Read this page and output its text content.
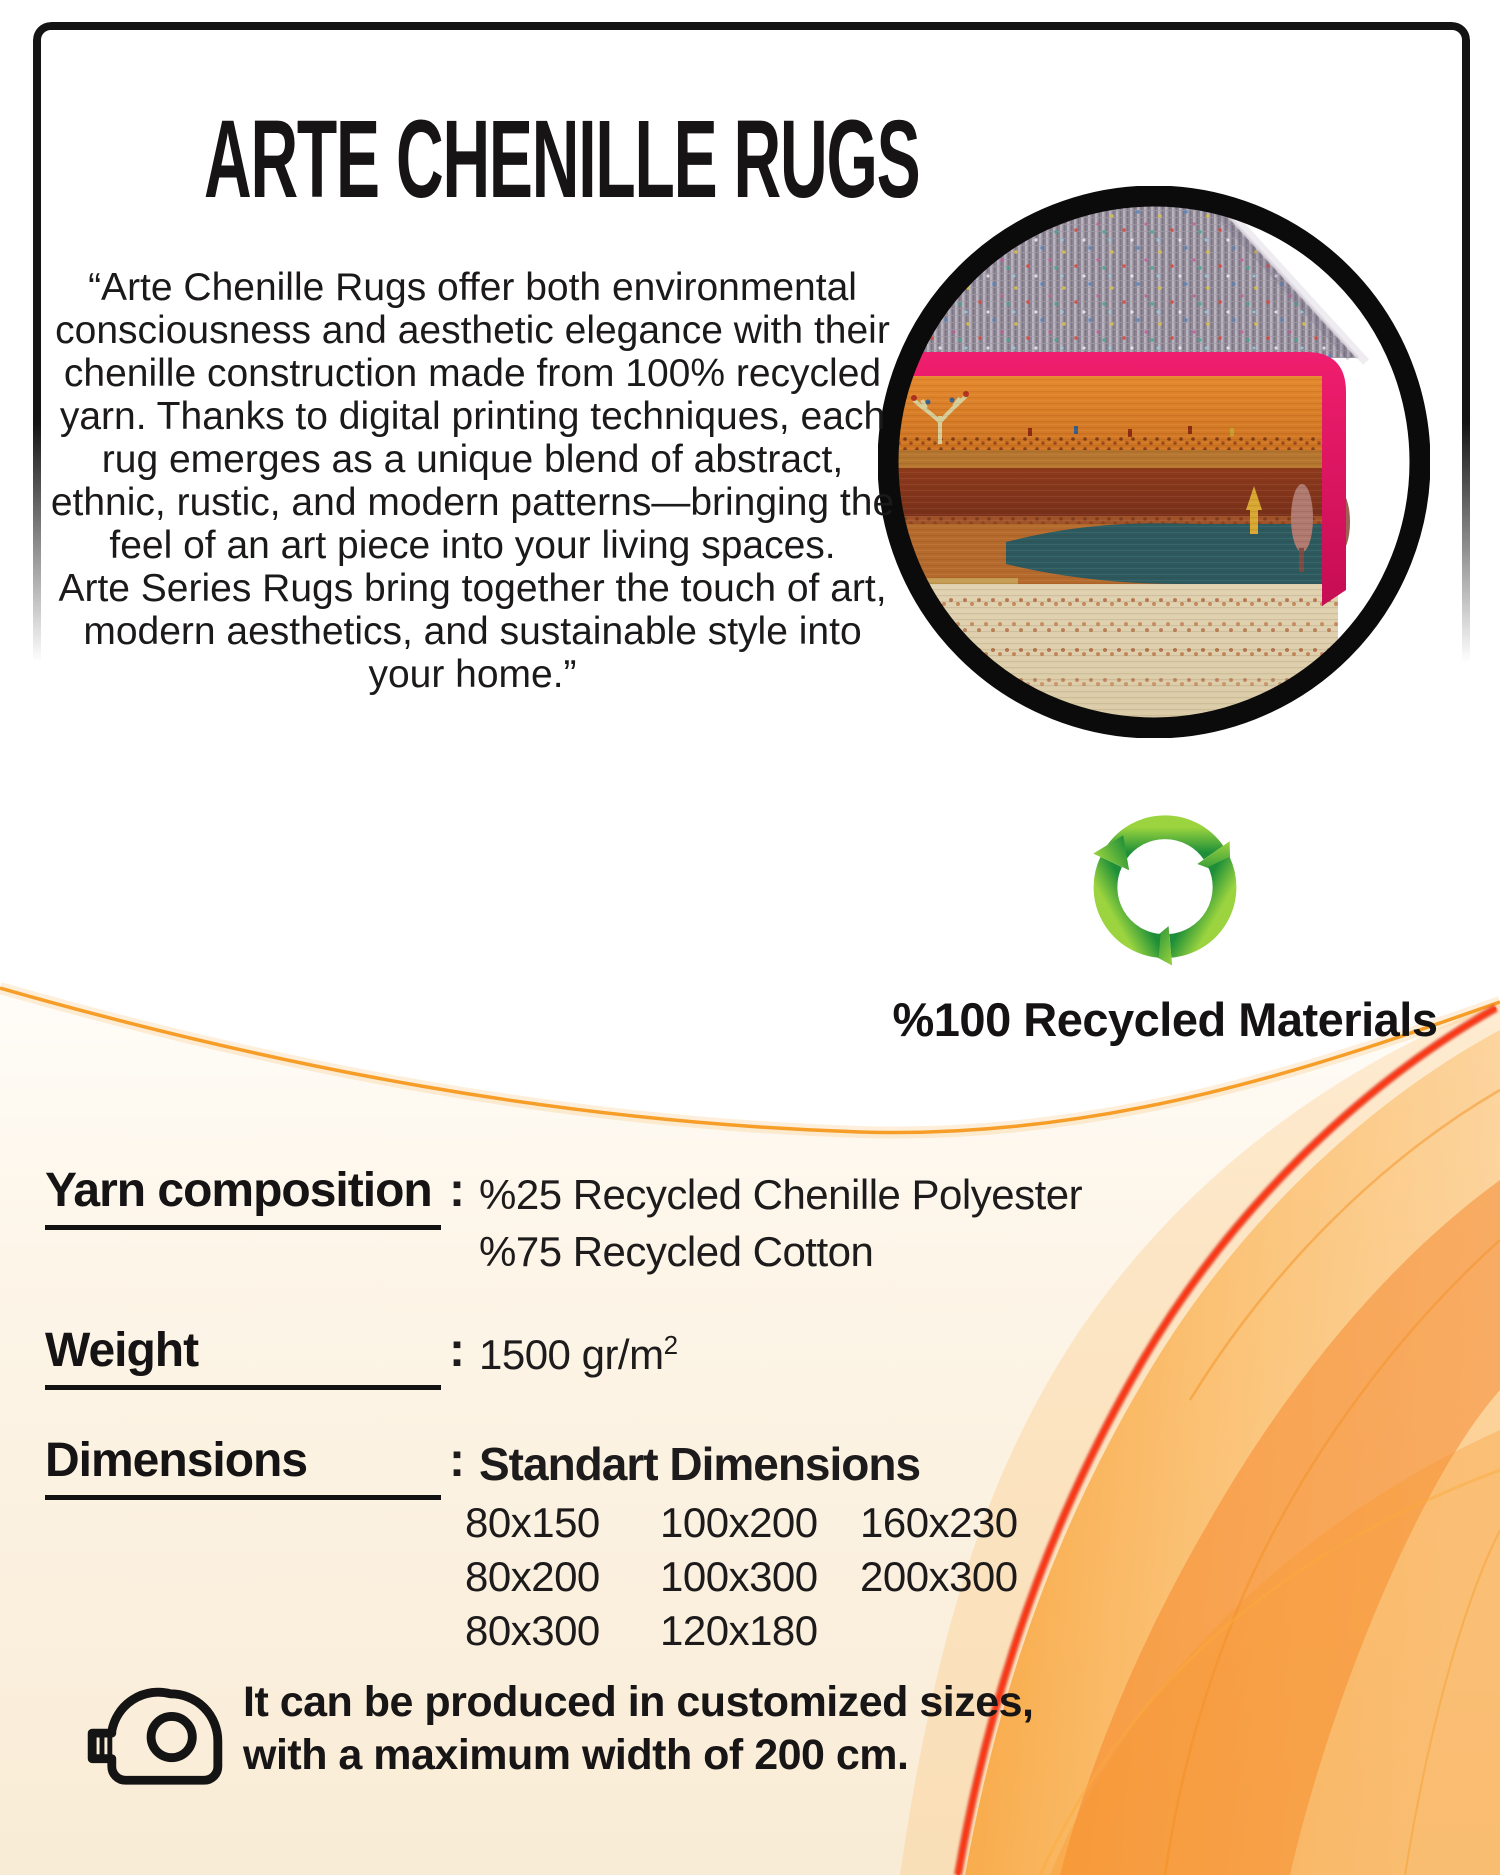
ARTE CHENILLE RUGS
“Arte Chenille Rugs offer both environmental consciousness and aesthetic elegance with their chenille construction made from 100% recycled yarn. Thanks to digital printing techniques, each rug emerges as a unique blend of abstract, ethnic, rustic, and modern patterns—bringing the feel of an art piece into your living spaces.
Arte Series Rugs bring together the touch of art, modern aesthetics, and sustainable style into your home.”
%100 Recycled Materials
Yarn composition : %25 Recycled Chenille Polyester
%75 Recycled Cotton
Weight	: 1500 $gr/m^2$
Dimensions	: Standart Dimensions
80x150	100x200	160x230
80x200	100x300	200x300
80x300	120x180
It can be produced in customized sizes,
with a maximum width of 200 cm.
